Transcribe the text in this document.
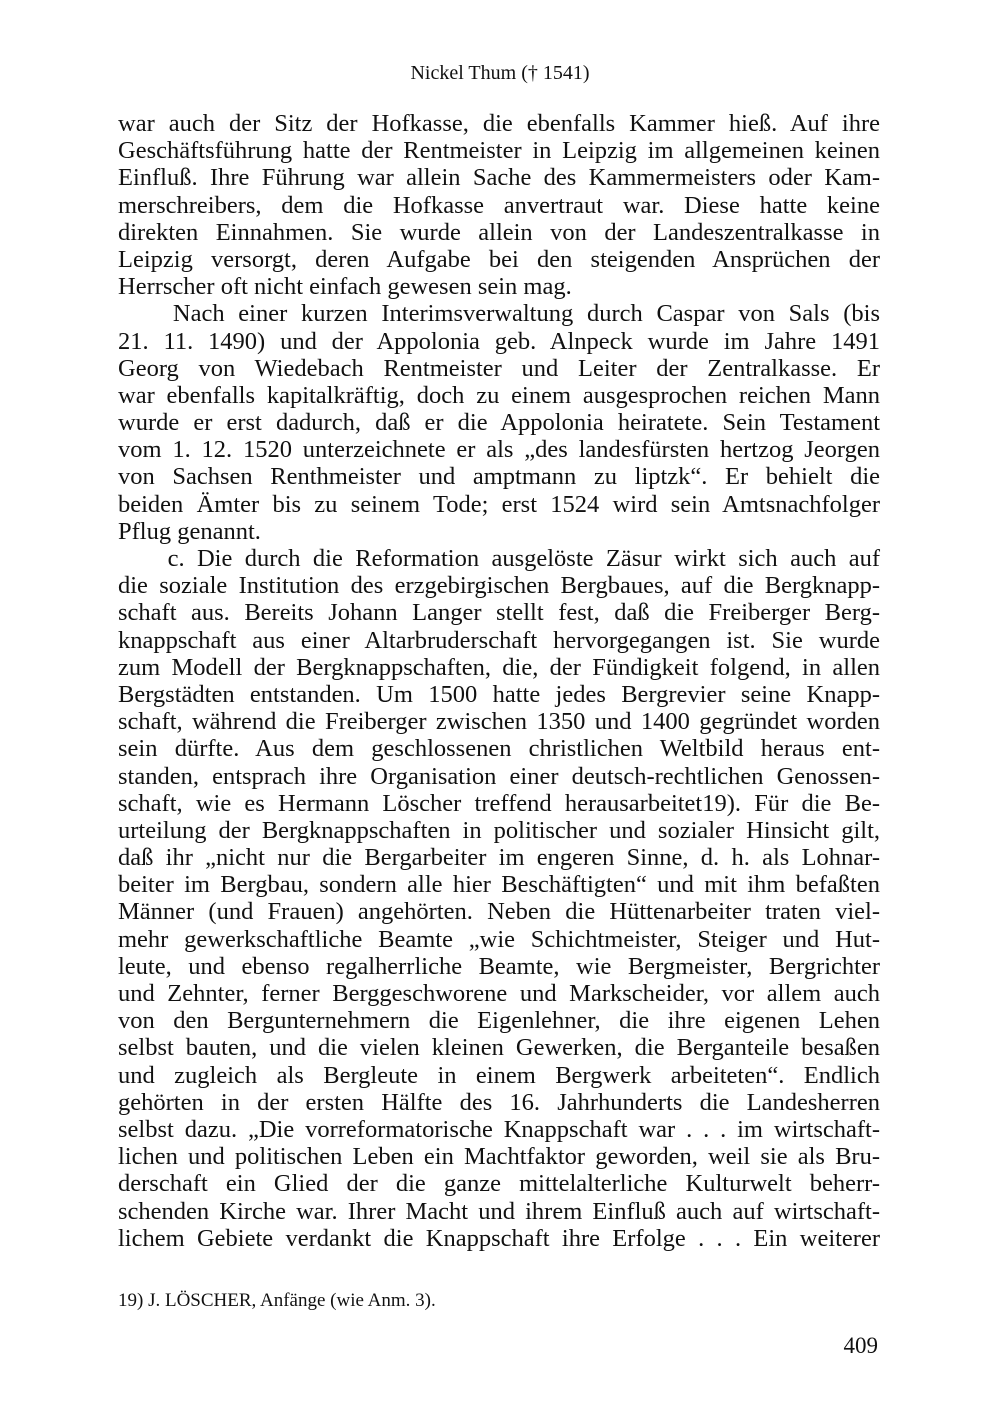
Nickel Thum († 1541)
war auch der Sitz der Hofkasse, die ebenfalls Kammer hieß. Auf ihre
Geschäftsführung hatte der Rentmeister in Leipzig im allgemeinen keinen
Einfluß. Ihre Führung war allein Sache des Kammermeisters oder Kam-
merschreibers, dem die Hofkasse anvertraut war. Diese hatte keine
direkten Einnahmen. Sie wurde allein von der Landeszentralkasse in
Leipzig versorgt, deren Aufgabe bei den steigenden Ansprüchen der
Herrscher oft nicht einfach gewesen sein mag.
Nach einer kurzen Interimsverwaltung durch Caspar von Sals (bis
21. 11. 1490) und der Appolonia geb. Alnpeck wurde im Jahre 1491
Georg von Wiedebach Rentmeister und Leiter der Zentralkasse. Er
war ebenfalls kapitalkräftig, doch zu einem ausgesprochen reichen Mann
wurde er erst dadurch, daß er die Appolonia heiratete. Sein Testament
vom 1. 12. 1520 unterzeichnete er als „des landesfürsten hertzog Jeorgen
von Sachsen Renthmeister und amptmann zu liptzk“. Er behielt die
beiden Ämter bis zu seinem Tode; erst 1524 wird sein Amtsnachfolger
Pflug genannt.
c. Die durch die Reformation ausgelöste Zäsur wirkt sich auch auf
die soziale Institution des erzgebirgischen Bergbaues, auf die Bergknapp-
schaft aus. Bereits Johann Langer stellt fest, daß die Freiberger Berg-
knappschaft aus einer Altarbruderschaft hervorgegangen ist. Sie wurde
zum Modell der Bergknappschaften, die, der Fündigkeit folgend, in allen
Bergstädten entstanden. Um 1500 hatte jedes Bergrevier seine Knapp-
schaft, während die Freiberger zwischen 1350 und 1400 gegründet worden
sein dürfte. Aus dem geschlossenen christlichen Weltbild heraus ent-
standen, entsprach ihre Organisation einer deutsch-rechtlichen Genossen-
schaft, wie es Hermann Löscher treffend herausarbeitet19). Für die Be-
urteilung der Bergknappschaften in politischer und sozialer Hinsicht gilt,
daß ihr „nicht nur die Bergarbeiter im engeren Sinne, d. h. als Lohnar-
beiter im Bergbau, sondern alle hier Beschäftigten“ und mit ihm befaßten
Männer (und Frauen) angehörten. Neben die Hüttenarbeiter traten viel-
mehr gewerkschaftliche Beamte „wie Schichtmeister, Steiger und Hut-
leute, und ebenso regalherrliche Beamte, wie Bergmeister, Bergrichter
und Zehnter, ferner Berggeschworene und Markscheider, vor allem auch
von den Bergunternehmern die Eigenlehner, die ihre eigenen Lehen
selbst bauten, und die vielen kleinen Gewerken, die Berganteile besaßen
und zugleich als Bergleute in einem Bergwerk arbeiteten“. Endlich
gehörten in der ersten Hälfte des 16. Jahrhunderts die Landesherren
selbst dazu. „Die vorreformatorische Knappschaft war . . . im wirtschaft-
lichen und politischen Leben ein Machtfaktor geworden, weil sie als Bru-
derschaft ein Glied der die ganze mittelalterliche Kulturwelt beherr-
schenden Kirche war. Ihrer Macht und ihrem Einfluß auch auf wirtschaft-
lichem Gebiete verdankt die Knappschaft ihre Erfolge . . . Ein weiterer
19) J. LÖSCHER, Anfänge (wie Anm. 3).
409
